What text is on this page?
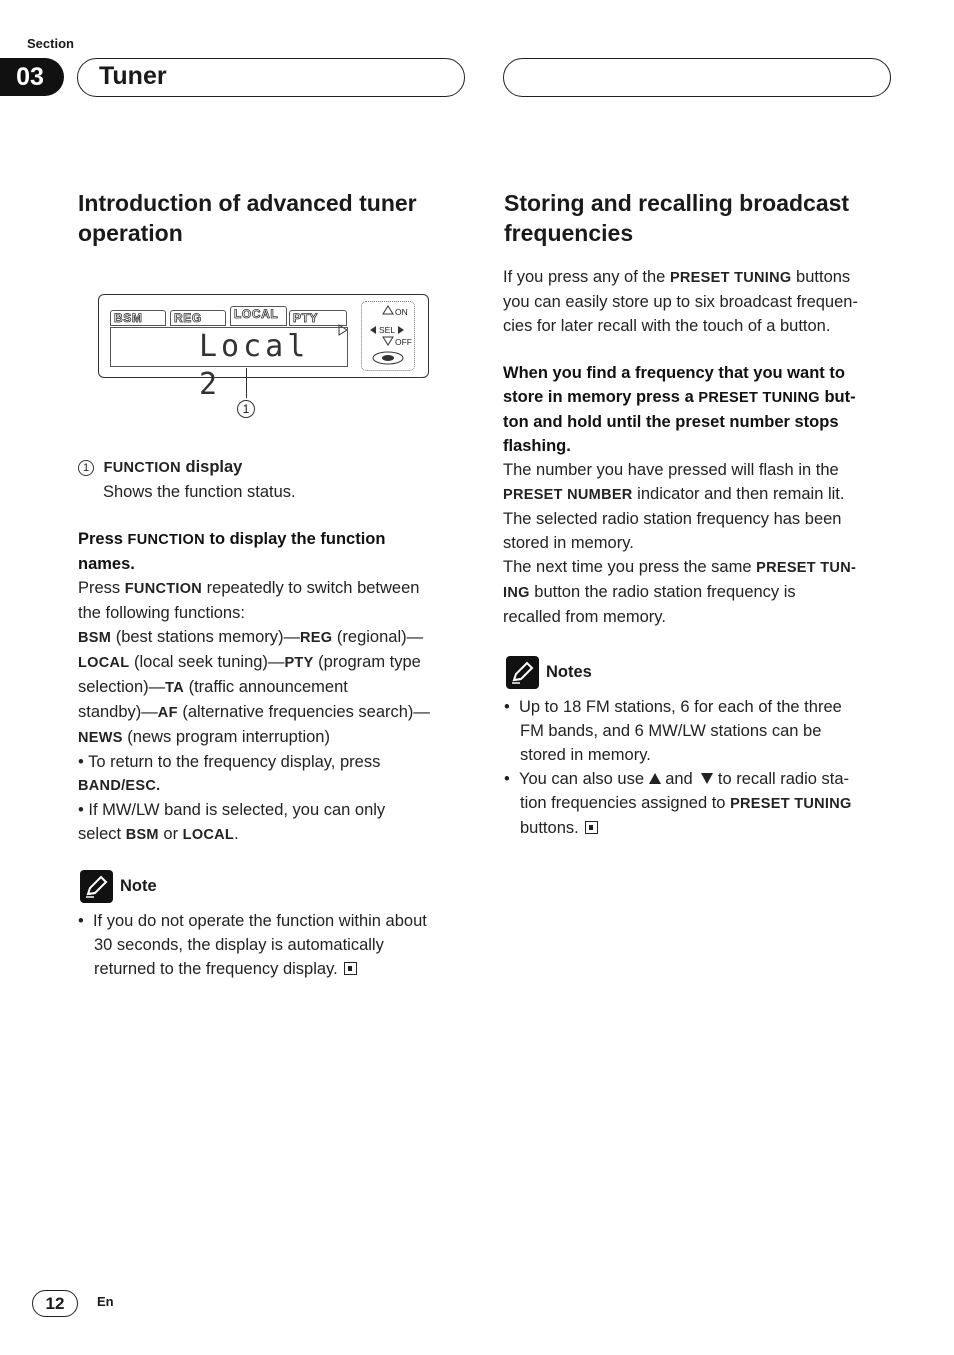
Section
03	Tuner
Introduction of advanced tuner
operation
BSM	REG	LOCAL	PTY
Local 2
ON
SEL
OFF
1
1 FUNCTION display
Shows the function status.
Press FUNCTION to display the function
names.
Press FUNCTION repeatedly to switch between
the following functions:
BSM (best stations memory)—REG (regional)—
LOCAL (local seek tuning)—PTY (program type
selection)—TA (traffic announcement
standby)—AF (alternative frequencies search)—
NEWS (news program interruption)
• To return to the frequency display, press
BAND/ESC.
• If MW/LW band is selected, you can only
select BSM or LOCAL.
Note
•  If you do not operate the function within about
30 seconds, the display is automatically
returned to the frequency display.
Storing and recalling broadcast
frequencies
If you press any of the PRESET TUNING buttons
you can easily store up to six broadcast frequen-
cies for later recall with the touch of a button.
When you find a frequency that you want to
store in memory press a PRESET TUNING but-
ton and hold until the preset number stops
flashing.
The number you have pressed will flash in the
PRESET NUMBER indicator and then remain lit.
The selected radio station frequency has been
stored in memory.
The next time you press the same PRESET TUN-
ING button the radio station frequency is
recalled from memory.
Notes
•  Up to 18 FM stations, 6 for each of the three
FM bands, and 6 MW/LW stations can be
stored in memory.
•  You can also use  and  to recall radio sta-
tion frequencies assigned to PRESET TUNING
buttons.
12	En
